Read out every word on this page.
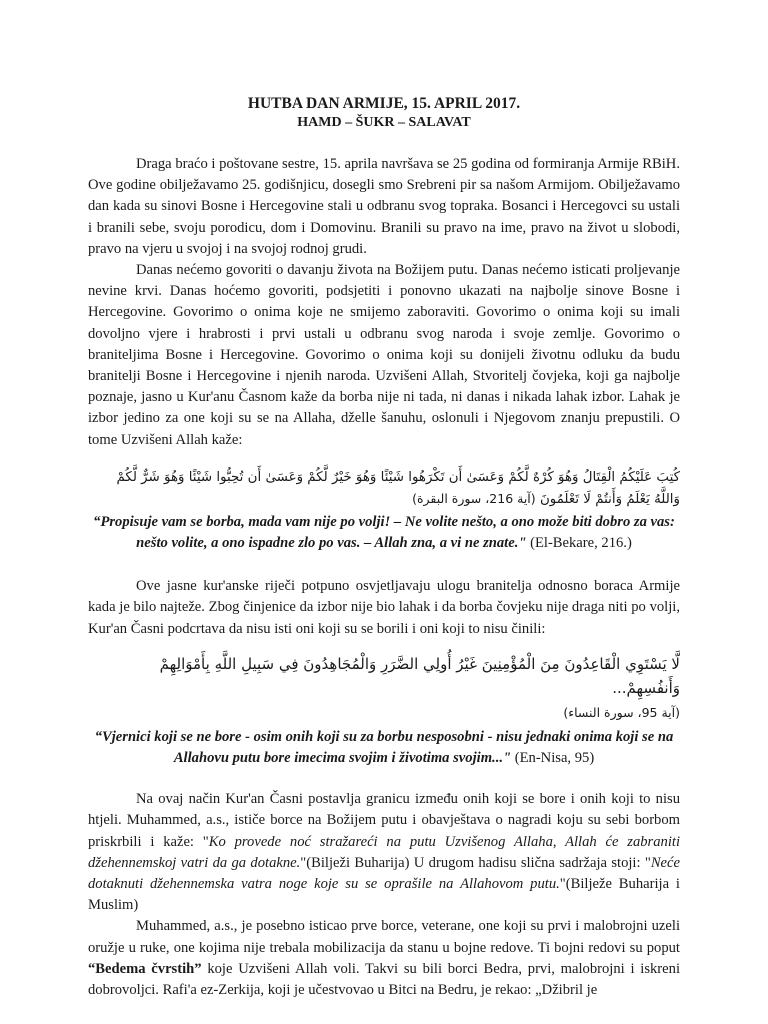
HUTBA DAN ARMIJE, 15. APRIL 2017.
HAMD – ŠUKR – SALAVAT

Draga braćo i poštovane sestre, 15. aprila navršava se 25 godina od formiranja Armije RBiH. Ove godine obilježavamo 25. godišnjicu, dosegli smo Srebreni pir sa našom Armijom. Obilježavamo dan kada su sinovi Bosne i Hercegovine stali u odbranu svog topraka. Bosanci i Hercegovci su ustali i branili sebe, svoju porodicu, dom i Domovinu. Branili su pravo na ime, pravo na život u slobodi, pravo na vjeru u svojoj i na svojoj rodnoj grudi.

Danas nećemo govoriti o davanju života na Božijem putu. Danas nećemo isticati proljevanje nevine krvi. Danas hoćemo govoriti, podsjetiti i ponovno ukazati na najbolje sinove Bosne i Hercegovine. Govorimo o onima koje ne smijemo zaboraviti. Govorimo o onima koji su imali dovoljno vjere i hrabrosti i prvi ustali u odbranu svog naroda i svoje zemlje. Govorimo o braniteljima Bosne i Hercegovine. Govorimo o onima koji su donijeli životnu odluku da budu branitelji Bosne i Hercegovine i njenih naroda. Uzvišeni Allah, Stvoritelj čovjeka, koji ga najbolje poznaje, jasno u Kur'anu Časnom kaže da borba nije ni tada, ni danas i nikada lahak izbor. Lahak je izbor jedino za one koji su se na Allaha, dželle šanuhu, oslonuli i Njegovom znanju prepustili. O tome Uzvišeni Allah kaže:

كُتِبَ عَلَيْكُمُ الْقِتَالُ وَهُوَ كُرْهٌ لَّكُمْ وَعَسَىٰ أَن تَكْرَهُوا شَيْئًا وَهُوَ خَيْرٌ لَّكُمْ وَعَسَىٰ أَن تُحِبُّوا شَيْئًا وَهُوَ شَرٌّ لَّكُمْ وَاللَّهُ يَعْلَمُ وَأَنتُمْ لَا تَعْلَمُونَ (آية 216، سورة البقرة)

“Propisuje vam se borba, mada vam nije po volji! – Ne volite nešto, a ono može biti dobro za vas: nešto volite, a ono ispadne zlo po vas. – Allah zna, a vi ne znate." (El-Bekare, 216.)

Ove jasne kur'anske riječi potpuno osvjetljavaju ulogu branitelja odnosno boraca Armije kada je bilo najteže. Zbog činjenice da izbor nije bio lahak i da borba čovjeku nije draga niti po volji, Kur'an Časni podcrtava da nisu isti oni koji su se borili i oni koji to nisu činili:

لَّا يَسْتَوِي الْقَاعِدُونَ مِنَ الْمُؤْمِنِينَ غَيْرُ أُولِي الضَّرَرِ وَالْمُجَاهِدُونَ فِي سَبِيلِ اللَّهِ بِأَمْوَالِهِمْ وَأَنفُسِهِمْ...
(آية 95، سورة النساء)

“Vjernici koji se ne bore - osim onih koji su za borbu nesposobni - nisu jednaki onima koji se na Allahovu putu bore imecima svojim i životima svojim..." (En-Nisa, 95)

Na ovaj način Kur'an Časni postavlja granicu između onih koji se bore i onih koji to nisu htjeli. Muhammed, a.s., ističe borce na Božijem putu i obavještava o nagradi koju su sebi borbom priskrbili i kaže: "Ko provede noć stražareći na putu Uzvišenog Allaha, Allah će zabraniti džehennemskoj vatri da ga dotakne."(Bilježi Buharija) U drugom hadisu slična sadržaja stoji: "Neće dotaknuti džehennemska vatra noge koje su se oprašile na Allahovom putu."(Bilježe Buharija i Muslim)

Muhammed, a.s., je posebno isticao prve borce, veterane, one koji su prvi i malobrojni uzeli oružje u ruke, one kojima nije trebala mobilizacija da stanu u bojne redove. Ti bojni redovi su poput “Bedema čvrstih” koje Uzvišeni Allah voli. Takvi su bili borci Bedra, prvi, malobrojni i iskreni dobrovoljci. Rafi'a ez-Zerkija, koji je učestvovao u Bitci na Bedru, je rekao: „Džibril je
